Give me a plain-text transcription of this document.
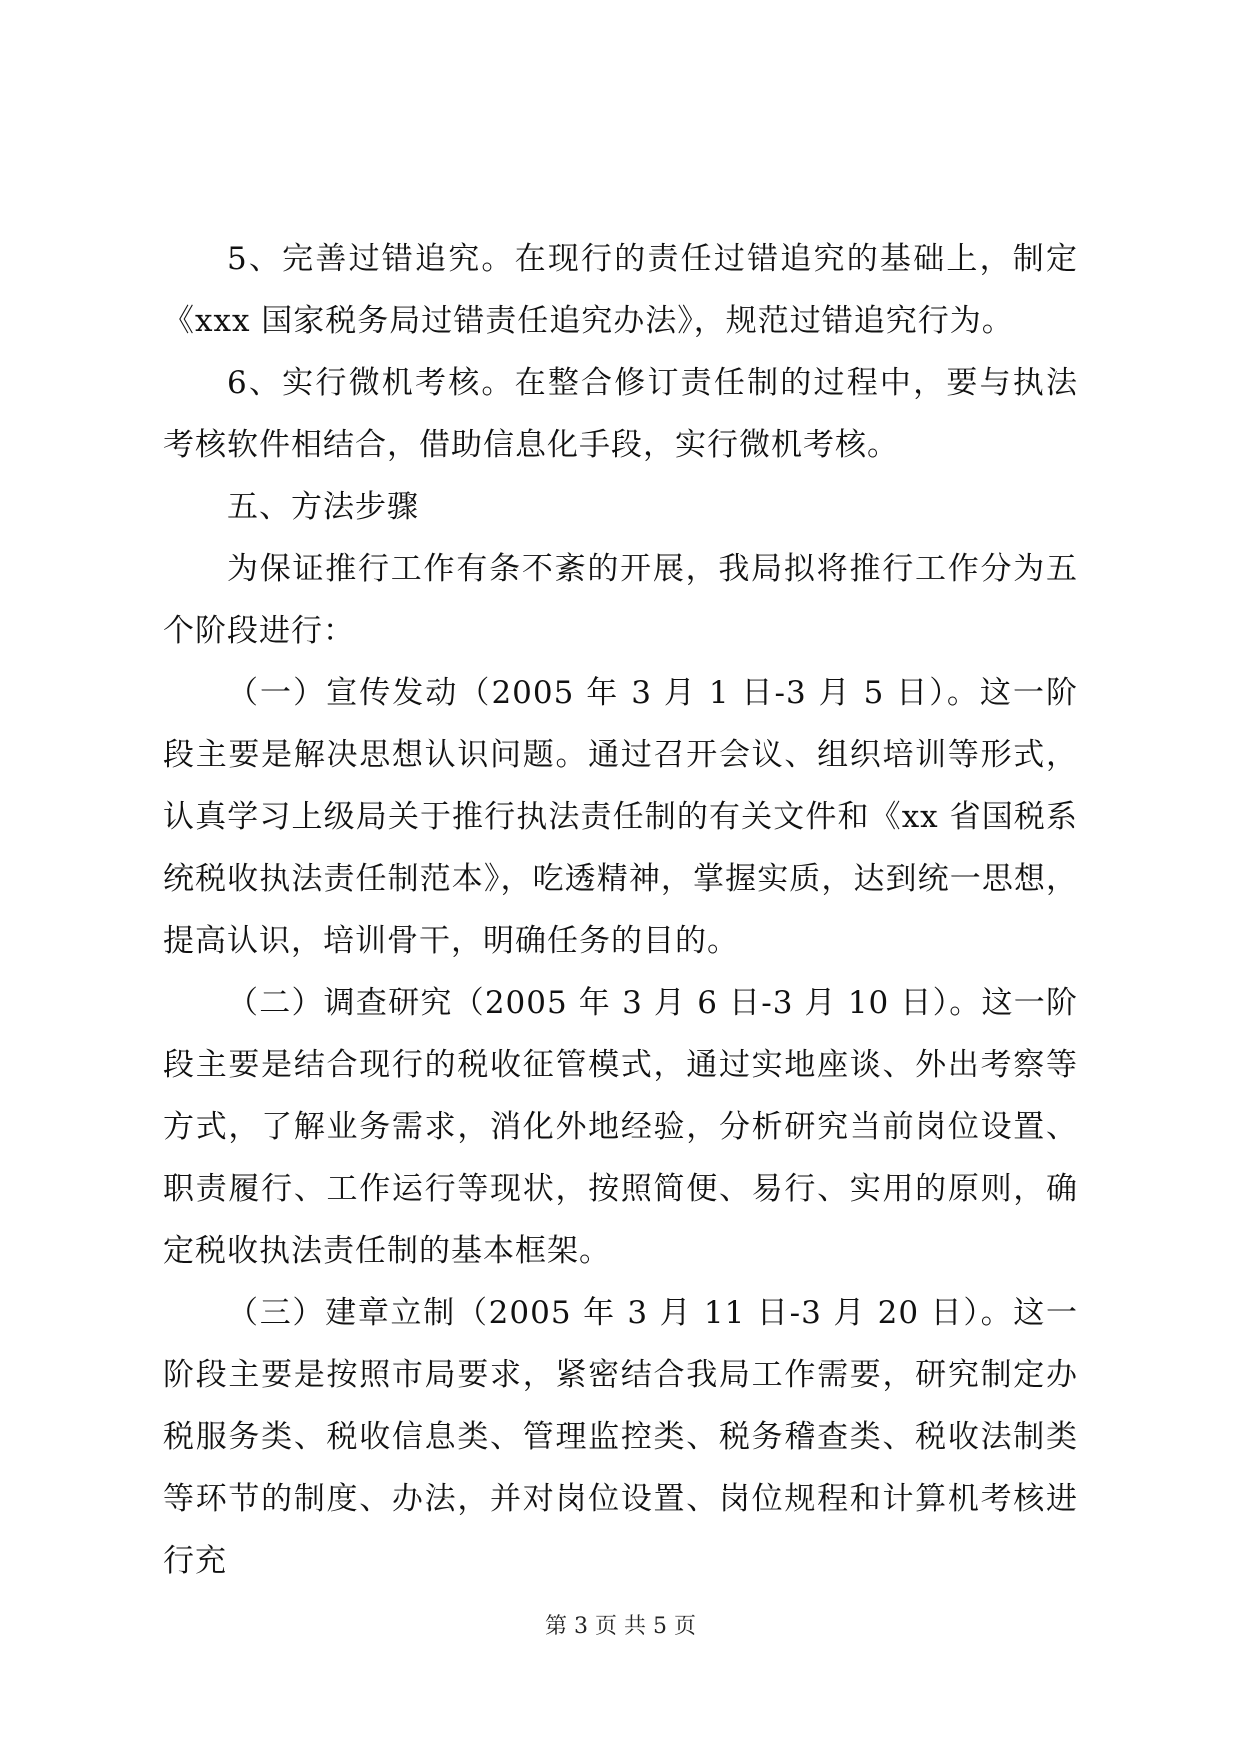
5、完善过错追究。在现行的责任过错追究的基础上，制定《xxx 国家税务局过错责任追究办法》，规范过错追究行为。

6、实行微机考核。在整合修订责任制的过程中，要与执法考核软件相结合，借助信息化手段，实行微机考核。

五、方法步骤

为保证推行工作有条不紊的开展，我局拟将推行工作分为五个阶段进行：

（一）宣传发动（2005 年 3 月 1 日-3 月 5 日）。这一阶段主要是解决思想认识问题。通过召开会议、组织培训等形式，认真学习上级局关于推行执法责任制的有关文件和《xx 省国税系统税收执法责任制范本》，吃透精神，掌握实质，达到统一思想，提高认识，培训骨干，明确任务的目的。

（二）调查研究（2005 年 3 月 6 日-3 月 10 日）。这一阶段主要是结合现行的税收征管模式，通过实地座谈、外出考察等方式，了解业务需求，消化外地经验，分析研究当前岗位设置、职责履行、工作运行等现状，按照简便、易行、实用的原则，确定税收执法责任制的基本框架。

（三）建章立制（2005 年 3 月 11 日-3 月 20 日）。这一阶段主要是按照市局要求，紧密结合我局工作需要，研究制定办税服务类、税收信息类、管理监控类、税务稽查类、税收法制类等环节的制度、办法，并对岗位设置、岗位规程和计算机考核进行充

第 3 页 共 5 页
